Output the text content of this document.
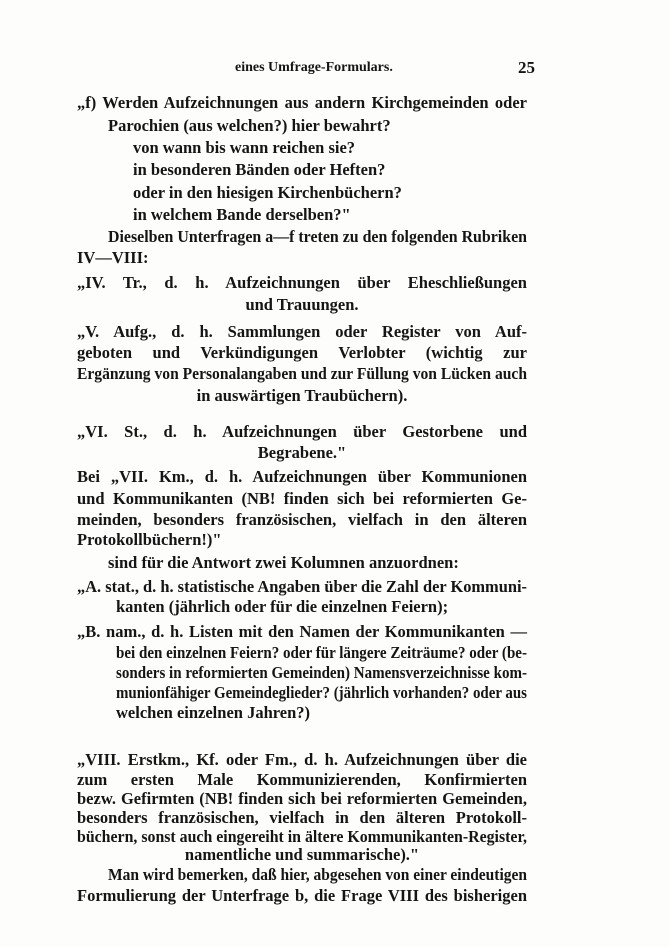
eines Umfrage-Formulars.	25
„f) Werden Aufzeichnungen aus andern Kirchgemeinden oder
Parochien (aus welchen?) hier bewahrt?
von wann bis wann reichen sie?
in besonderen Bänden oder Heften?
oder in den hiesigen Kirchenbüchern?
in welchem Bande derselben?"
Dieselben Unterfragen a—f treten zu den folgenden Rubriken
IV—VIII:
„IV. Tr., d. h. Aufzeichnungen über Eheschließungen
und Trauungen.
„V. Aufg., d. h. Sammlungen oder Register von Auf-
geboten und Verkündigungen Verlobter (wichtig zur
Ergänzung von Personalangaben und zur Füllung von Lücken auch
in auswärtigen Traubüchern).
„VI. St., d. h. Aufzeichnungen über Gestorbene und
Begrabene."
Bei „VII. Km., d. h. Aufzeichnungen über Kommunionen
und Kommunikanten (NB! finden sich bei reformierten Ge-
meinden, besonders französischen, vielfach in den älteren
Protokollbüchern!)"
sind für die Antwort zwei Kolumnen anzuordnen:
„A. stat., d. h. statistische Angaben über die Zahl der Kommuni-
kanten (jährlich oder für die einzelnen Feiern);
„B. nam., d. h. Listen mit den Namen der Kommunikanten —
bei den einzelnen Feiern? oder für längere Zeiträume? oder (be-
sonders in reformierten Gemeinden) Namensverzeichnisse kom-
munionfähiger Gemeindeglieder? (jährlich vorhanden? oder aus
welchen einzelnen Jahren?)
„VIII. Erstkm., Kf. oder Fm., d. h. Aufzeichnungen über die
zum ersten Male Kommunizierenden, Konfirmierten
bezw. Gefirmten (NB! finden sich bei reformierten Gemeinden,
besonders französischen, vielfach in den älteren Protokoll-
büchern, sonst auch eingereiht in ältere Kommunikanten-Register,
namentliche und summarische)."
Man wird bemerken, daß hier, abgesehen von einer eindeutigen
Formulierung der Unterfrage b, die Frage VIII des bisherigen
